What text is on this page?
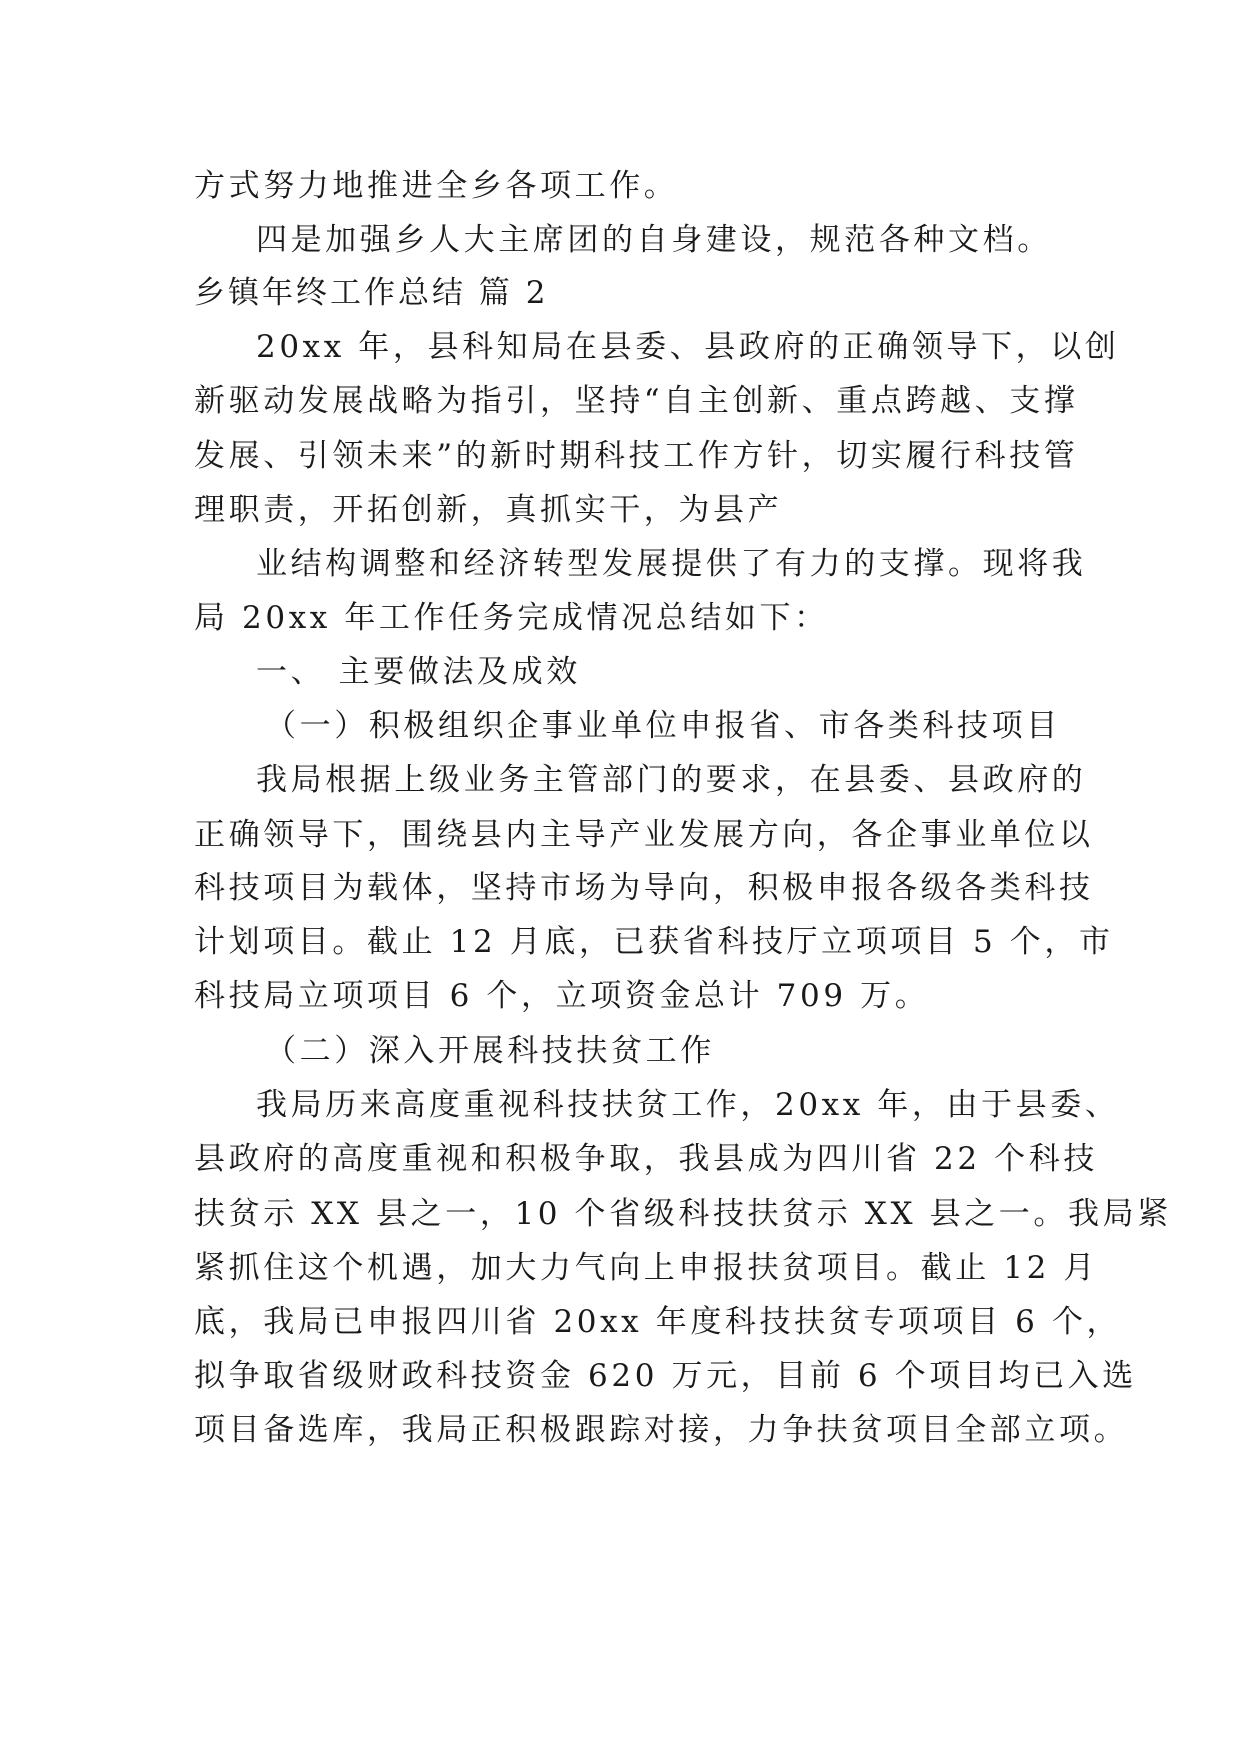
方式努力地推进全乡各项工作。
四是加强乡人大主席团的自身建设，规范各种文档。
乡镇年终工作总结 篇 2
20xx 年，县科知局在县委、县政府的正确领导下，以创
新驱动发展战略为指引，坚持“自主创新、重点跨越、支撑
发展、引领未来”的新时期科技工作方针，切实履行科技管
理职责，开拓创新，真抓实干，为县产
业结构调整和经济转型发展提供了有力的支撑。现将我
局 20xx 年工作任务完成情况总结如下：
一、 主要做法及成效
（一）积极组织企事业单位申报省、市各类科技项目
我局根据上级业务主管部门的要求，在县委、县政府的
正确领导下，围绕县内主导产业发展方向，各企事业单位以
科技项目为载体，坚持市场为导向，积极申报各级各类科技
计划项目。截止 12 月底，已获省科技厅立项项目 5 个，市
科技局立项项目 6 个，立项资金总计 709 万。
（二）深入开展科技扶贫工作
我局历来高度重视科技扶贫工作，20xx 年，由于县委、
县政府的高度重视和积极争取，我县成为四川省 22 个科技
扶贫示 XX 县之一，10 个省级科技扶贫示 XX 县之一。我局紧
紧抓住这个机遇，加大力气向上申报扶贫项目。截止 12 月
底，我局已申报四川省 20xx 年度科技扶贫专项项目 6 个，
拟争取省级财政科技资金 620 万元，目前 6 个项目均已入选
项目备选库，我局正积极跟踪对接，力争扶贫项目全部立项。
